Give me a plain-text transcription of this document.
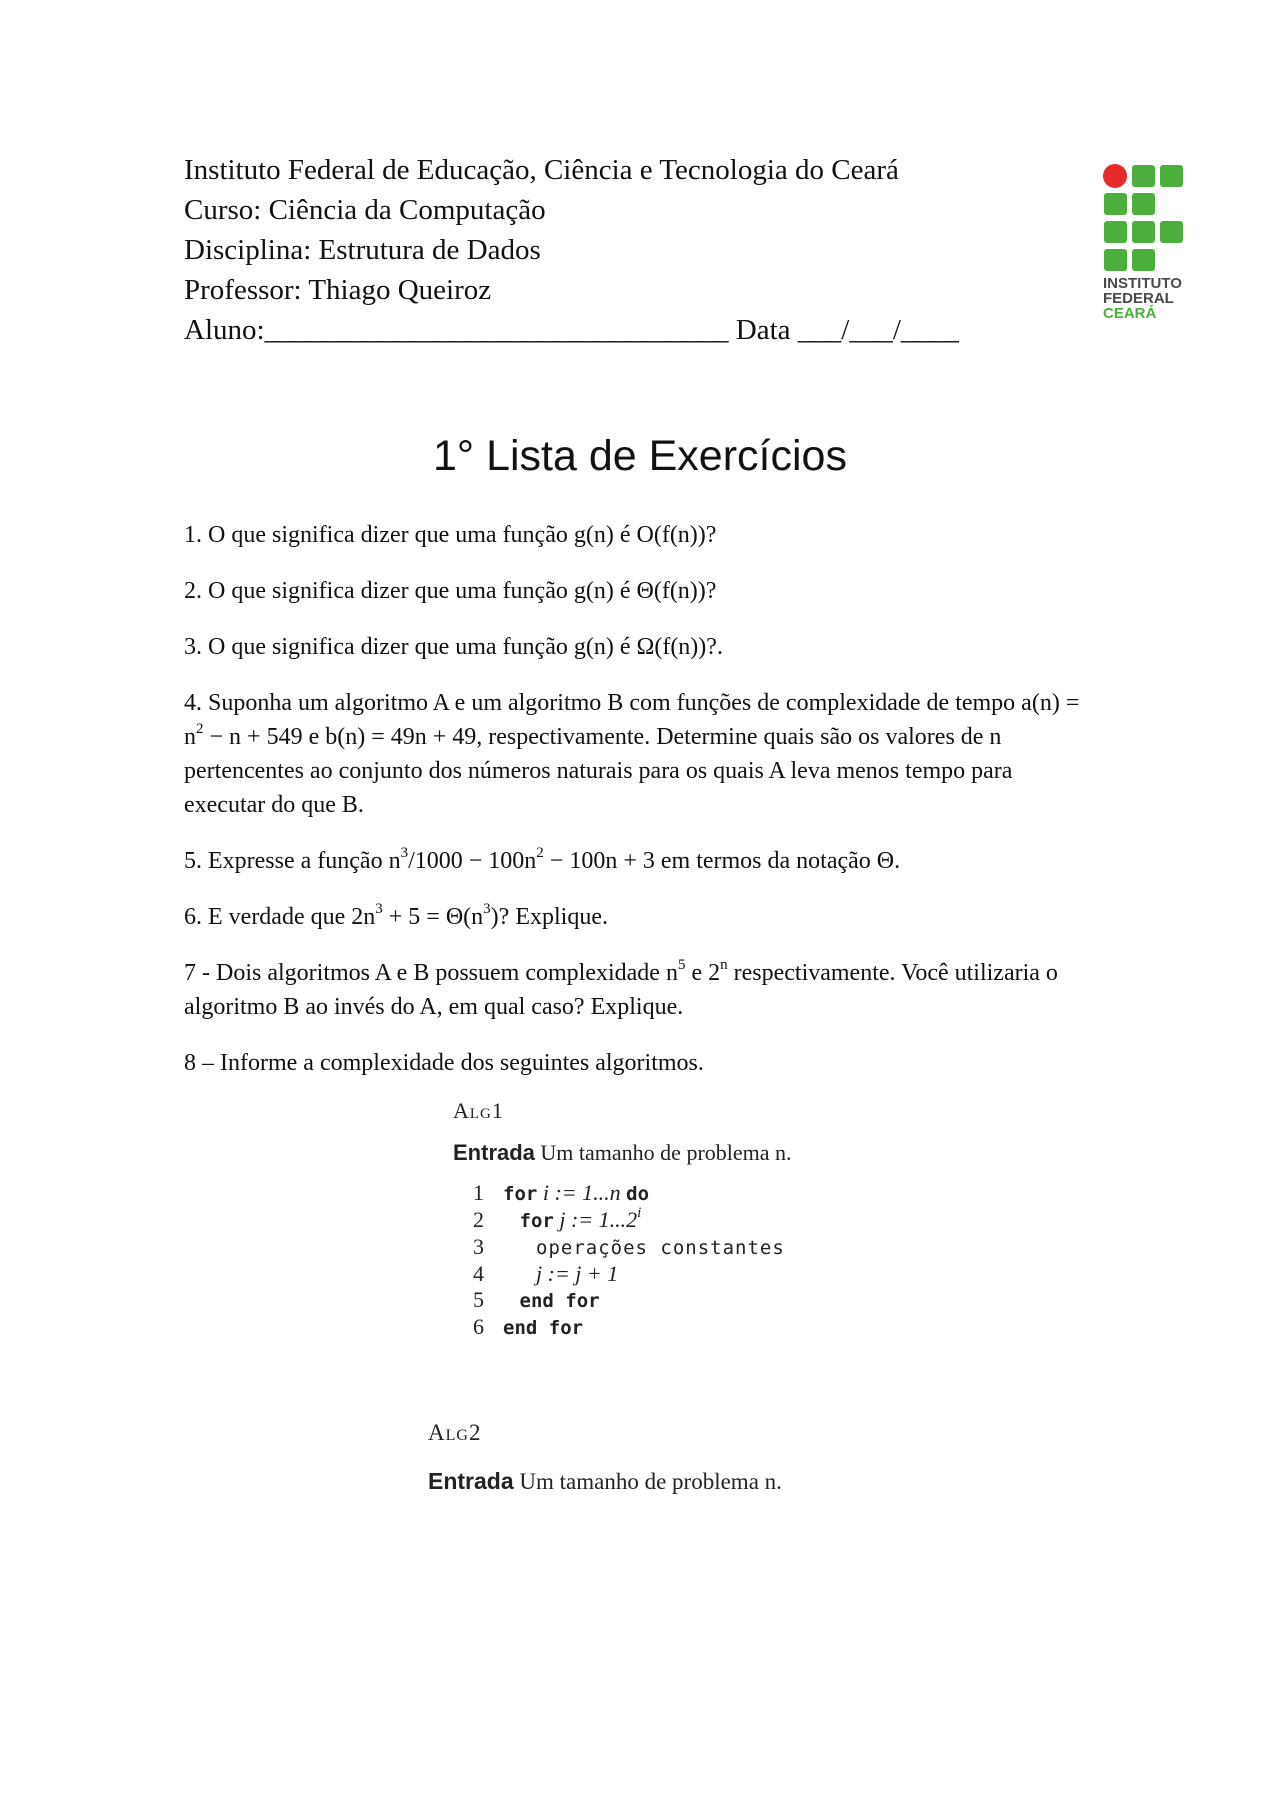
Instituto Federal de Educação, Ciência e Tecnologia do Ceará
Curso: Ciência da Computação
Disciplina: Estrutura de Dados
Professor: Thiago Queiroz
Aluno:________________________________ Data ___/___/____
INSTITUTO
FEDERAL
CEARÁ
1° Lista de Exercícios

1. O que significa dizer que uma função g(n) é O(f(n))?

2. O que significa dizer que uma função g(n) é Θ(f(n))?

3. O que significa dizer que uma função g(n) é Ω(f(n))?.

4. Suponha um algoritmo A e um algoritmo B com funções de complexidade de tempo $a(n) = n^2 - n + 549$ e b(n) = 49n + 49, respectivamente. Determine quais são os valores de n pertencentes ao conjunto dos números naturais para os quais A leva menos tempo para executar do que B.

5. Expresse a função $n^3/1000 - 100n^2 - 100n + 3$ em termos da notação Θ.

6. E verdade que $2n^3 + 5 = \Theta(n^3)$? Explique.

7 - Dois algoritmos A e B possuem complexidade $n^5$ e 2$^n$ respectivamente. Você utilizaria o algoritmo B ao invés do A, em qual caso? Explique.

8 – Informe a complexidade dos seguintes algoritmos.

Alg1
Entrada Um tamanho de problema n.
1 for i := 1...n do
2 for j := $1...2^i$
3	operações constantes
4 j := j + 1
5 end for
6 end for
Alg2
Entrada Um tamanho de problema n.
